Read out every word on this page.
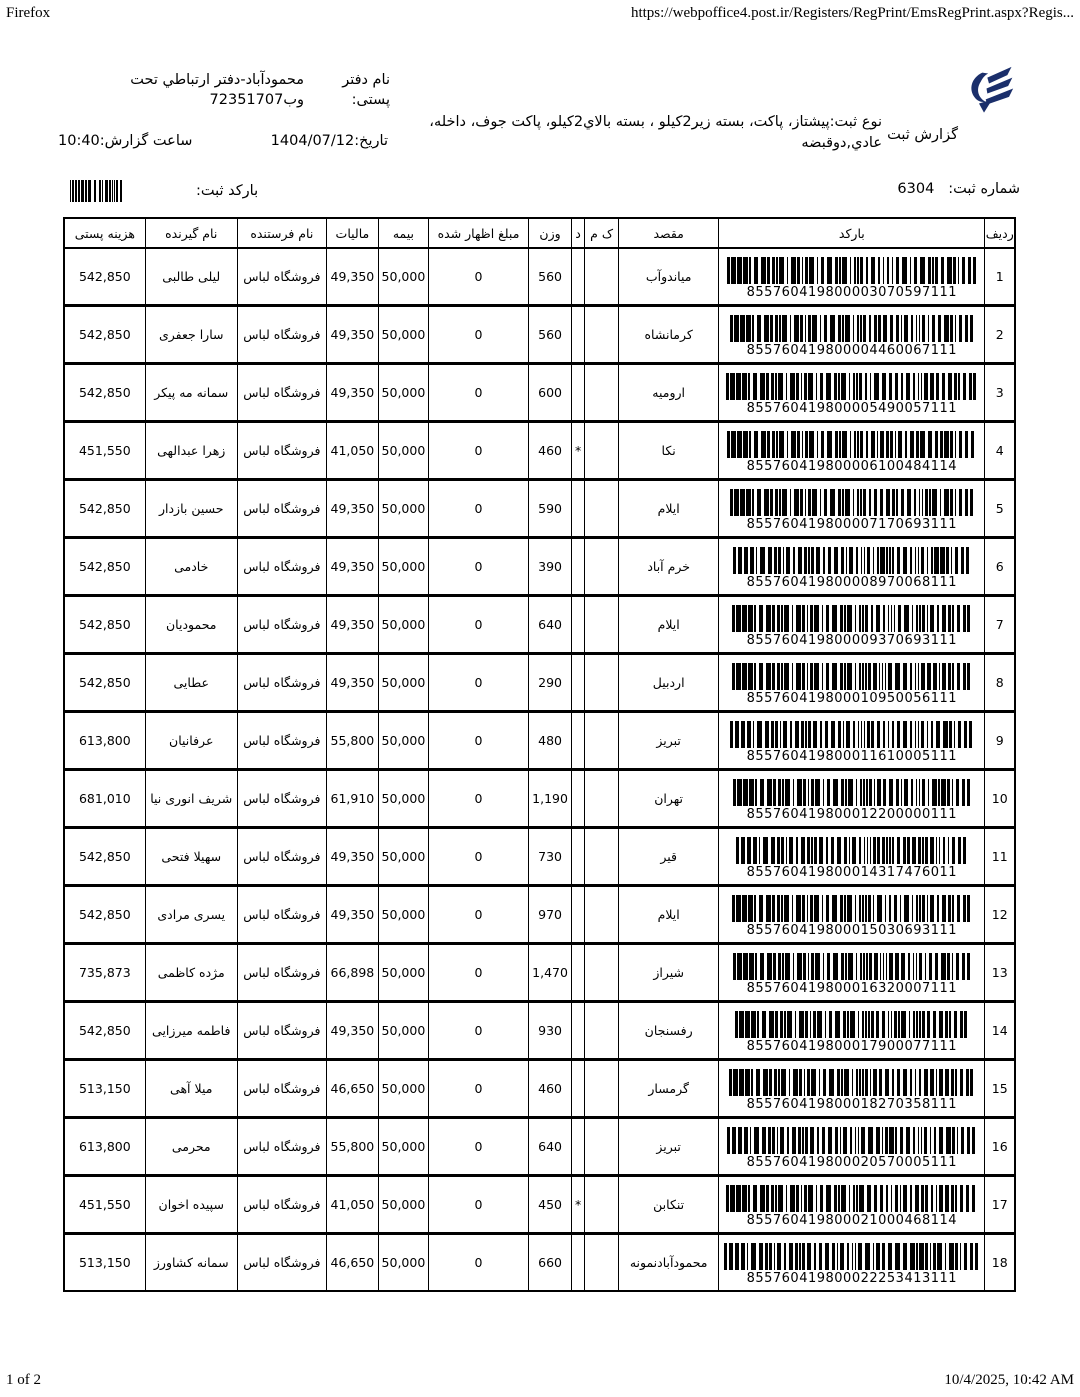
Firefox	https://webpoffice4.post.ir/Registers/RegPrint/EmsRegPrint.aspx?Regis...
گزارش ثبت
نوع ثبت:پیشتاز، پاکت، بسته زیر2کیلو ، بسته بالاي2کیلو، پاکت جوف، داخله، عادي,دوقبضه
نام دفتر پستی:
محمودآباد-دفتر ارتباطي تحت وب72351707
تاریخ:1404/07/12
ساعت گزارش:10:40
شماره ثبت:
6304
بارکد ثبت:
ردیف	بارکد	مقصد	ک م	د	وزن	مبلغ اظهار شده	بیمه	مالیات	نام فرستنده	نام گیرنده	هزینه پستی
1	855760419800003070597111	میاندوآب			560	0	50,000	49,350	فروشگاه لباس	لیلی طالبی	542,850
2	855760419800004460067111	کرمانشاه			560	0	50,000	49,350	فروشگاه لباس	سارا جعفری	542,850
3	855760419800005490057111	ارومیه			600	0	50,000	49,350	فروشگاه لباس	سمانه مه پیکر	542,850
4	855760419800006100484114	نکا		*	460	0	50,000	41,050	فروشگاه لباس	زهرا عبدالهی	451,550
5	855760419800007170693111	ایلام			590	0	50,000	49,350	فروشگاه لباس	حسین بازدار	542,850
6	855760419800008970068111	خرم آباد			390	0	50,000	49,350	فروشگاه لباس	خادمی	542,850
7	855760419800009370693111	ایلام			640	0	50,000	49,350	فروشگاه لباس	محمودیان	542,850
8	855760419800010950056111	اردبیل			290	0	50,000	49,350	فروشگاه لباس	عطایی	542,850
9	855760419800011610005111	تبریز			480	0	50,000	55,800	فروشگاه لباس	عرفانیان	613,800
10	855760419800012200000111	تهران			1,190	0	50,000	61,910	فروشگاه لباس	شریف انوری نیا	681,010
11	855760419800014317476011	قیر			730	0	50,000	49,350	فروشگاه لباس	سهیلا فتحی	542,850
12	855760419800015030693111	ایلام			970	0	50,000	49,350	فروشگاه لباس	یسری مرادی	542,850
13	855760419800016320007111	شیراز			1,470	0	50,000	66,898	فروشگاه لباس	مژده کاظمی	735,873
14	855760419800017900077111	رفسنجان			930	0	50,000	49,350	فروشگاه لباس	فاطمه میرزایی	542,850
15	855760419800018270358111	گرمسار			460	0	50,000	46,650	فروشگاه لباس	میلا آهی	513,150
16	855760419800020570005111	تبریز			640	0	50,000	55,800	فروشگاه لباس	محرمی	613,800
17	855760419800021000468114	تنکابن		*	450	0	50,000	41,050	فروشگاه لباس	سپیده اخوان	451,550
18	855760419800022253413111	محمودآبادنمونه			660	0	50,000	46,650	فروشگاه لباس	سمانه کشاورز	513,150
1 of 2	10/4/2025, 10:42 AM
